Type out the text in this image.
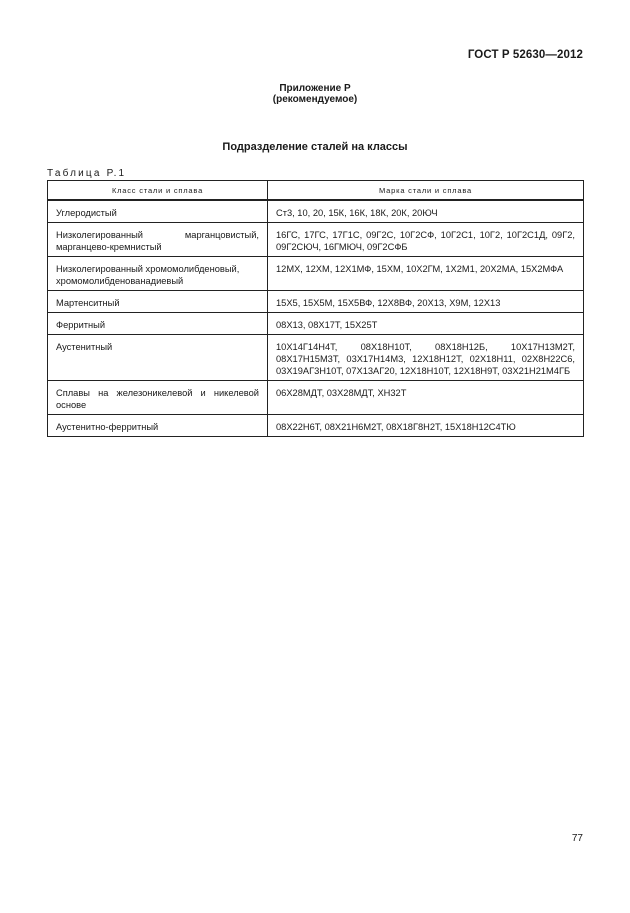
ГОСТ Р 52630—2012
Приложение Р
(рекомендуемое)
Подразделение сталей на классы
Таблица Р.1
Класс стали и сплава	Марка стали и сплава
Углеродистый	Ст3, 10, 20, 15К, 16К, 18К, 20К, 20ЮЧ
Низколегированный марганцовистый, марганцево-кремнистый	16ГС, 17ГС, 17Г1С, 09Г2С, 10Г2СФ, 10Г2С1, 10Г2, 10Г2С1Д, 09Г2, 09Г2СЮЧ, 16ГМЮЧ, 09Г2СФБ
Низколегированный хромомолибденовый, хромомолибденованадиевый	12МХ, 12ХМ, 12Х1МФ, 15ХМ, 10Х2ГМ, 1Х2М1, 20Х2МА, 15Х2МФА
Мартенситный	15Х5, 15Х5М, 15Х5ВФ, 12Х8ВФ, 20Х13, Х9М, 12Х13
Ферритный	08Х13, 08Х17Т, 15Х25Т
Аустенитный	10Х14Г14Н4Т, 08Х18Н10Т, 08Х18Н12Б, 10Х17Н13М2Т, 08Х17Н15М3Т, 03Х17Н14М3, 12Х18Н12Т, 02Х18Н11, 02Х8Н22С6, 03Х19АГ3Н10Т, 07Х13АГ20, 12Х18Н10Т, 12Х18Н9Т, 03Х21Н21М4ГБ
Сплавы на железоникелевой и никелевой основе	06Х28МДТ, 03Х28МДТ, ХН32Т
Аустенитно-ферритный	08Х22Н6Т, 08Х21Н6М2Т, 08Х18Г8Н2Т, 15Х18Н12С4ТЮ
77
